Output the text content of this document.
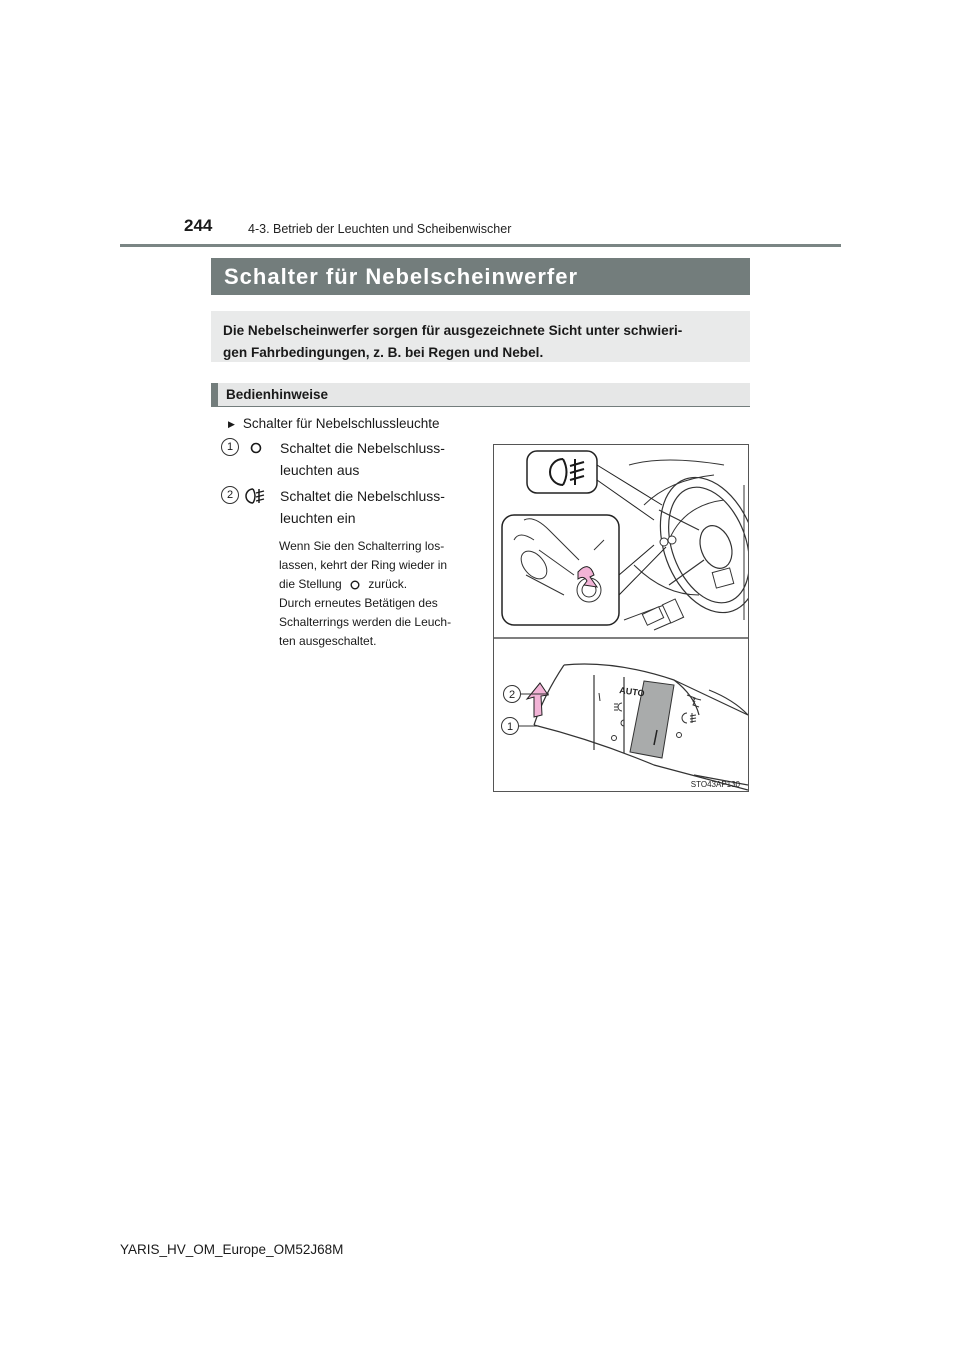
244	4-3. Betrieb der Leuchten und Scheibenwischer
Schalter für Nebelscheinwerfer
Die Nebelscheinwerfer sorgen für ausgezeichnete Sicht unter schwieri-
gen Fahrbedingungen, z. B. bei Regen und Nebel.
Bedienhinweise
▶ Schalter für Nebelschlussleuchte
1	Schaltet die Nebelschluss-
leuchten aus
2	Schaltet die Nebelschluss-
leuchten ein
Wenn Sie den Schalterring los-
lassen, kehrt der Ring wieder in
die Stellung zurück.
Durch erneutes Betätigen des
Schalterrings werden die Leuch-
ten ausgeschaltet.
AUTO
2
1
STO43AP130
YARIS_HV_OM_Europe_OM52J68M
